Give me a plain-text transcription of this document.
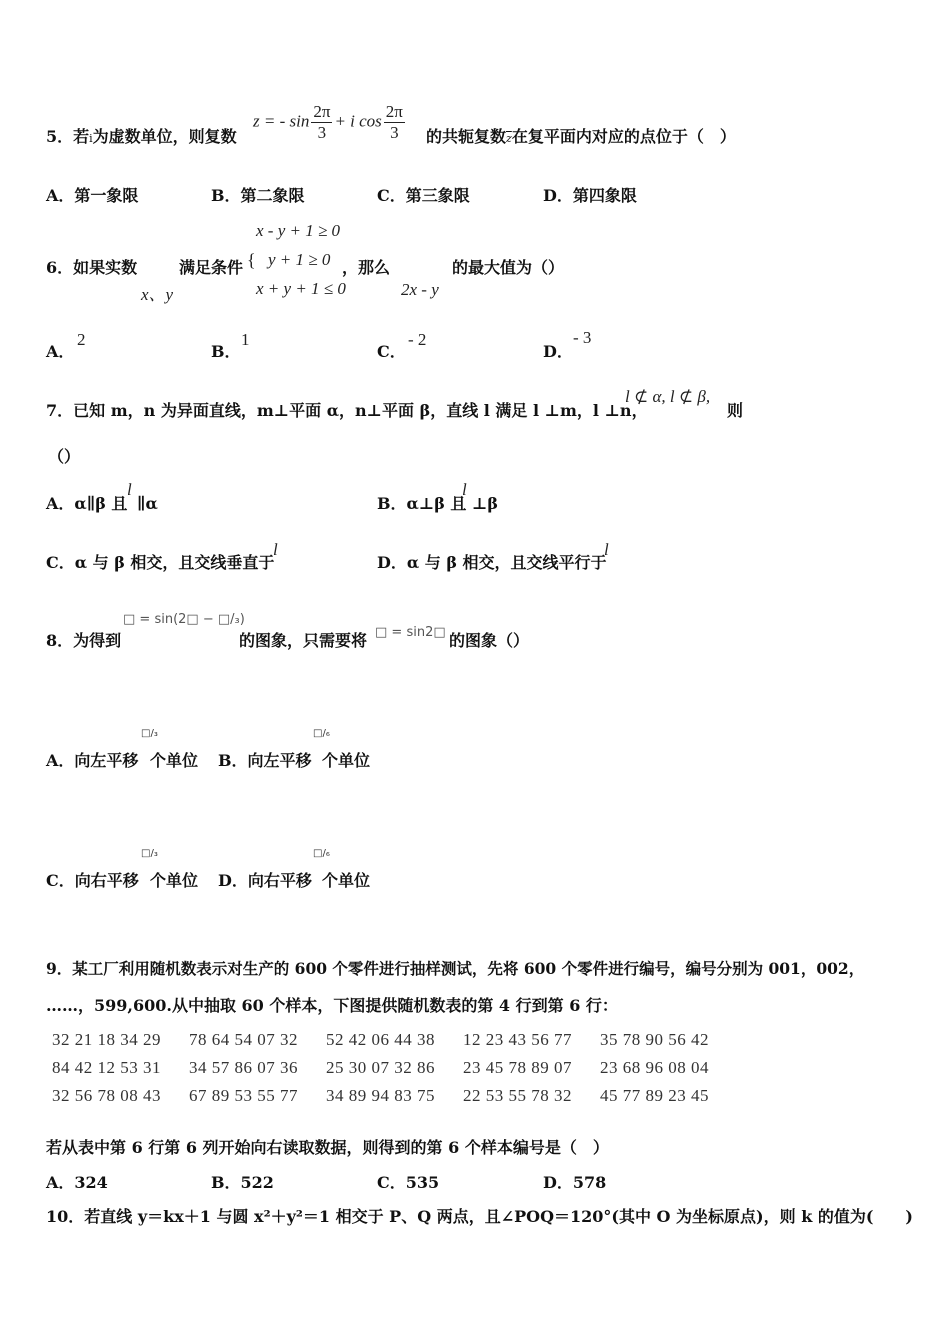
5．若i为虚数单位，则复数
z = - $\sin \frac{2\pi}{3} + i$ $\cos \frac{2\pi}{3}$ 的共轭复数$\overline{z}$在复平面内对应的点位于（　）
A．第一象限	B．第二象限	C．第三象限	D．第四象限
6．如果实数
x、y
满足条件 {
x - y + 1 ≥ 0
y + 1 ≥ 0
x + y + 1 ≤ 0
，那么
2x - y
的最大值为（）
A．
2
B．
1
C．
- 2
D．
- 3
7．已知 m，n 为异面直线，m⊥平面 α，n⊥平面 β，直线 l 满足 l ⊥m，l ⊥n，
l ⊄ α, l ⊄ β,
则
（）
A．α∥β 且
l
∥α	B．α⊥β 且
l
⊥β
C．α 与 β 相交，且交线垂直于
l
D．α 与 β 相交，且交线平行于
l
8．为得到
□ = sin(2□ − □/₃)
的图象，只需要将 □ = sin2□ 的图象（）
A．向左平移
□/₃
个单位 B．向左平移
□/₆
个单位
C．向右平移
□/₃
个单位 D．向右平移
□/₆
个单位
9．某工厂利用随机数表示对生产的 600 个零件进行抽样测试，先将 600 个零件进行编号，编号分别为 001，002，
……，599,600.从中抽取 60 个样本，下图提供随机数表的第 4 行到第 6 行：
32 21 18 34 29	78 64 54 07 32	52 42 06 44 38	12 23 43 56 77	35 78 90 56 42
84 42 12 53 31	34 57 86 07 36	25 30 07 32 86	23 45 78 89 07	23 68 96 08 04
32 56 78 08 43	67 89 53 55 77	34 89 94 83 75	22 53 55 78 32	45 77 89 23 45
若从表中第 6 行第 6 列开始向右读取数据，则得到的第 6 个样本编号是（　）
A．324	B．522	C．535	D．578
10．若直线 y＝kx＋1 与圆 x²＋y²＝1 相交于 P、Q 两点，且∠POQ＝120°(其中 O 为坐标原点)，则 k 的值为(　　)
